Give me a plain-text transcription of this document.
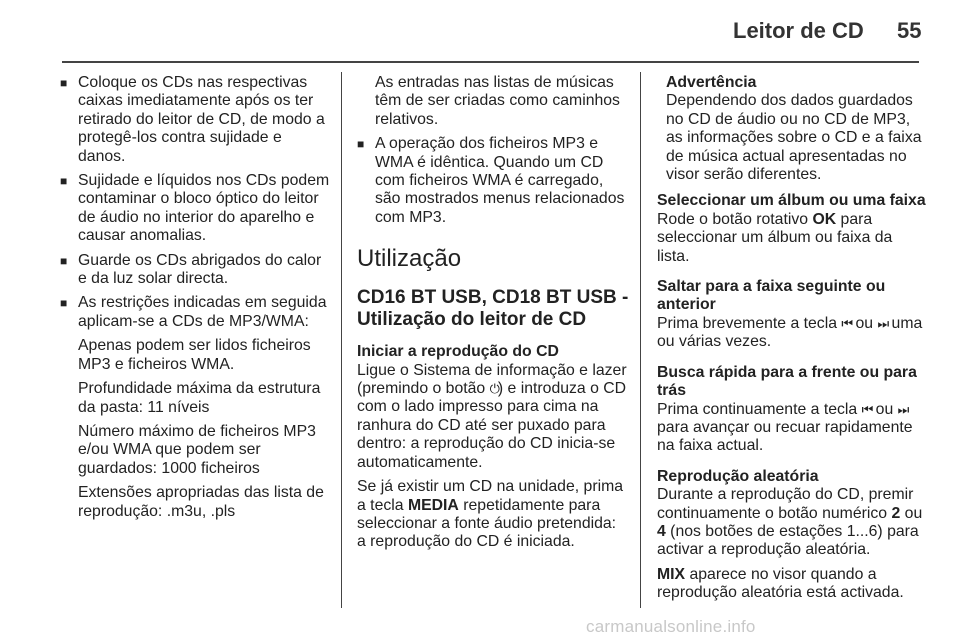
Leitor de CD 55
■ Coloque os CDs nas respectivas caixas imediatamente após os ter retirado do leitor de CD, de modo a protegê-los contra sujidade e danos.
■ Sujidade e líquidos nos CDs podem contaminar o bloco óptico do leitor de áudio no interior do aparelho e causar anomalias.
■ Guarde os CDs abrigados do calor e da luz solar directa.
■ As restrições indicadas em seguida aplicam-se a CDs de MP3/WMA:
Apenas podem ser lidos ficheiros MP3 e ficheiros WMA.
Profundidade máxima da estrutura da pasta: 11 níveis
Número máximo de ficheiros MP3 e/ou WMA que podem ser guardados: 1000 ficheiros
Extensões apropriadas das lista de reprodução: .m3u, .pls
As entradas nas listas de músicas têm de ser criadas como caminhos relativos.
■ A operação dos ficheiros MP3 e WMA é idêntica. Quando um CD com ficheiros WMA é carregado, são mostrados menus relacionados com MP3.
Utilização
CD16 BT USB, CD18 BT USB - Utilização do leitor de CD
Iniciar a reprodução do CD
Ligue o Sistema de informação e lazer (premindo o botão ⏻) e introduza o CD com o lado impresso para cima na ranhura do CD até ser puxado para dentro: a reprodução do CD inicia-se automaticamente.
Se já existir um CD na unidade, prima a tecla MEDIA repetidamente para seleccionar a fonte áudio pretendida: a reprodução do CD é iniciada.
Advertência
Dependendo dos dados guardados no CD de áudio ou no CD de MP3, as informações sobre o CD e a faixa de música actual apresentadas no visor serão diferentes.
Seleccionar um álbum ou uma faixa
Rode o botão rotativo OK para seleccionar um álbum ou faixa da lista.
Saltar para a faixa seguinte ou anterior
Prima brevemente a tecla ⏮ ou ⏭ uma ou várias vezes.
Busca rápida para a frente ou para trás
Prima continuamente a tecla ⏮ ou ⏭ para avançar ou recuar rapidamente na faixa actual.
Reprodução aleatória
Durante a reprodução do CD, premir continuamente o botão numérico 2 ou 4 (nos botões de estações 1...6) para activar a reprodução aleatória.
MIX aparece no visor quando a reprodução aleatória está activada.
carmanualsonline.info
